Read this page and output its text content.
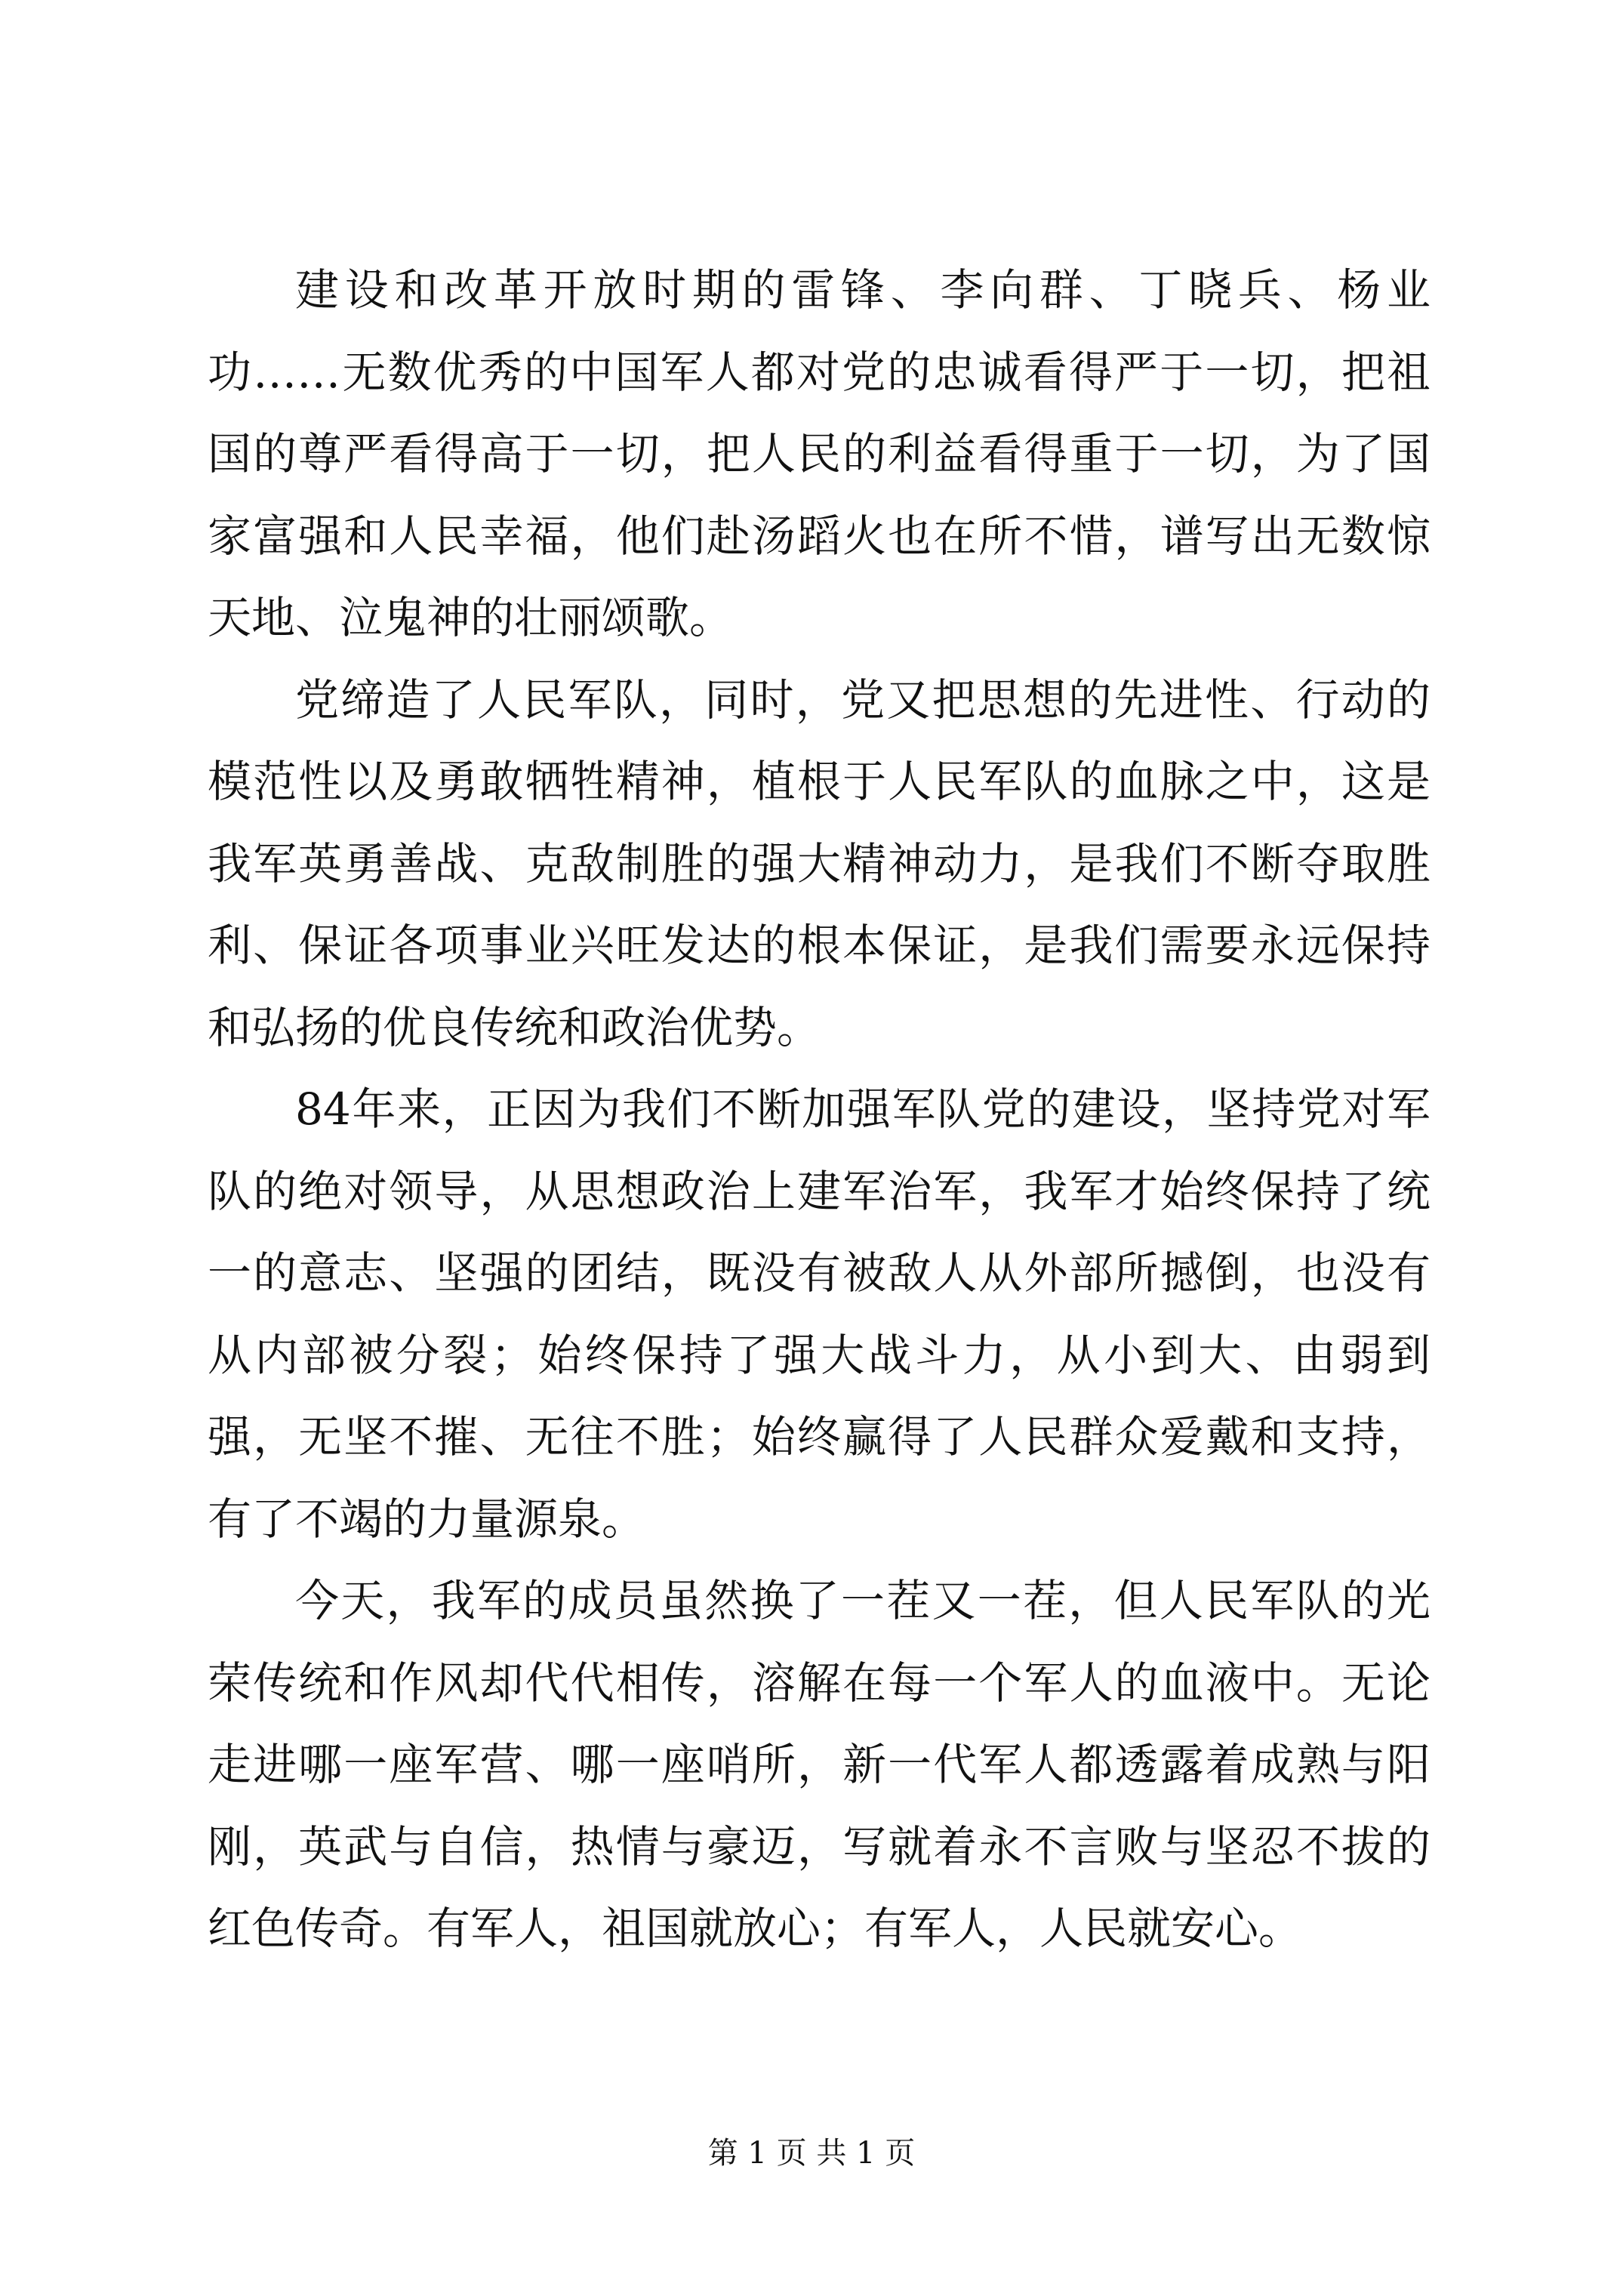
建设和改革开放时期的雷锋、李向群、丁晓兵、杨业功……无数优秀的中国军人都对党的忠诚看得严于一切，把祖国的尊严看得高于一切，把人民的利益看得重于一切，为了国家富强和人民幸福，他们赴汤蹈火也在所不惜，谱写出无数惊天地、泣鬼神的壮丽颂歌。

党缔造了人民军队，同时，党又把思想的先进性、行动的模范性以及勇敢牺牲精神，植根于人民军队的血脉之中，这是我军英勇善战、克敌制胜的强大精神动力，是我们不断夺取胜利、保证各项事业兴旺发达的根本保证，是我们需要永远保持和弘扬的优良传统和政治优势。

84年来，正因为我们不断加强军队党的建设，坚持党对军队的绝对领导，从思想政治上建军治军，我军才始终保持了统一的意志、坚强的团结，既没有被敌人从外部所撼倒，也没有从内部被分裂；始终保持了强大战斗力，从小到大、由弱到强，无坚不摧、无往不胜；始终赢得了人民群众爱戴和支持，有了不竭的力量源泉。

今天，我军的成员虽然换了一茬又一茬，但人民军队的光荣传统和作风却代代相传，溶解在每一个军人的血液中。无论走进哪一座军营、哪一座哨所，新一代军人都透露着成熟与阳刚，英武与自信，热情与豪迈，写就着永不言败与坚忍不拔的红色传奇。有军人，祖国就放心；有军人，人民就安心。

第 1 页 共 1 页
